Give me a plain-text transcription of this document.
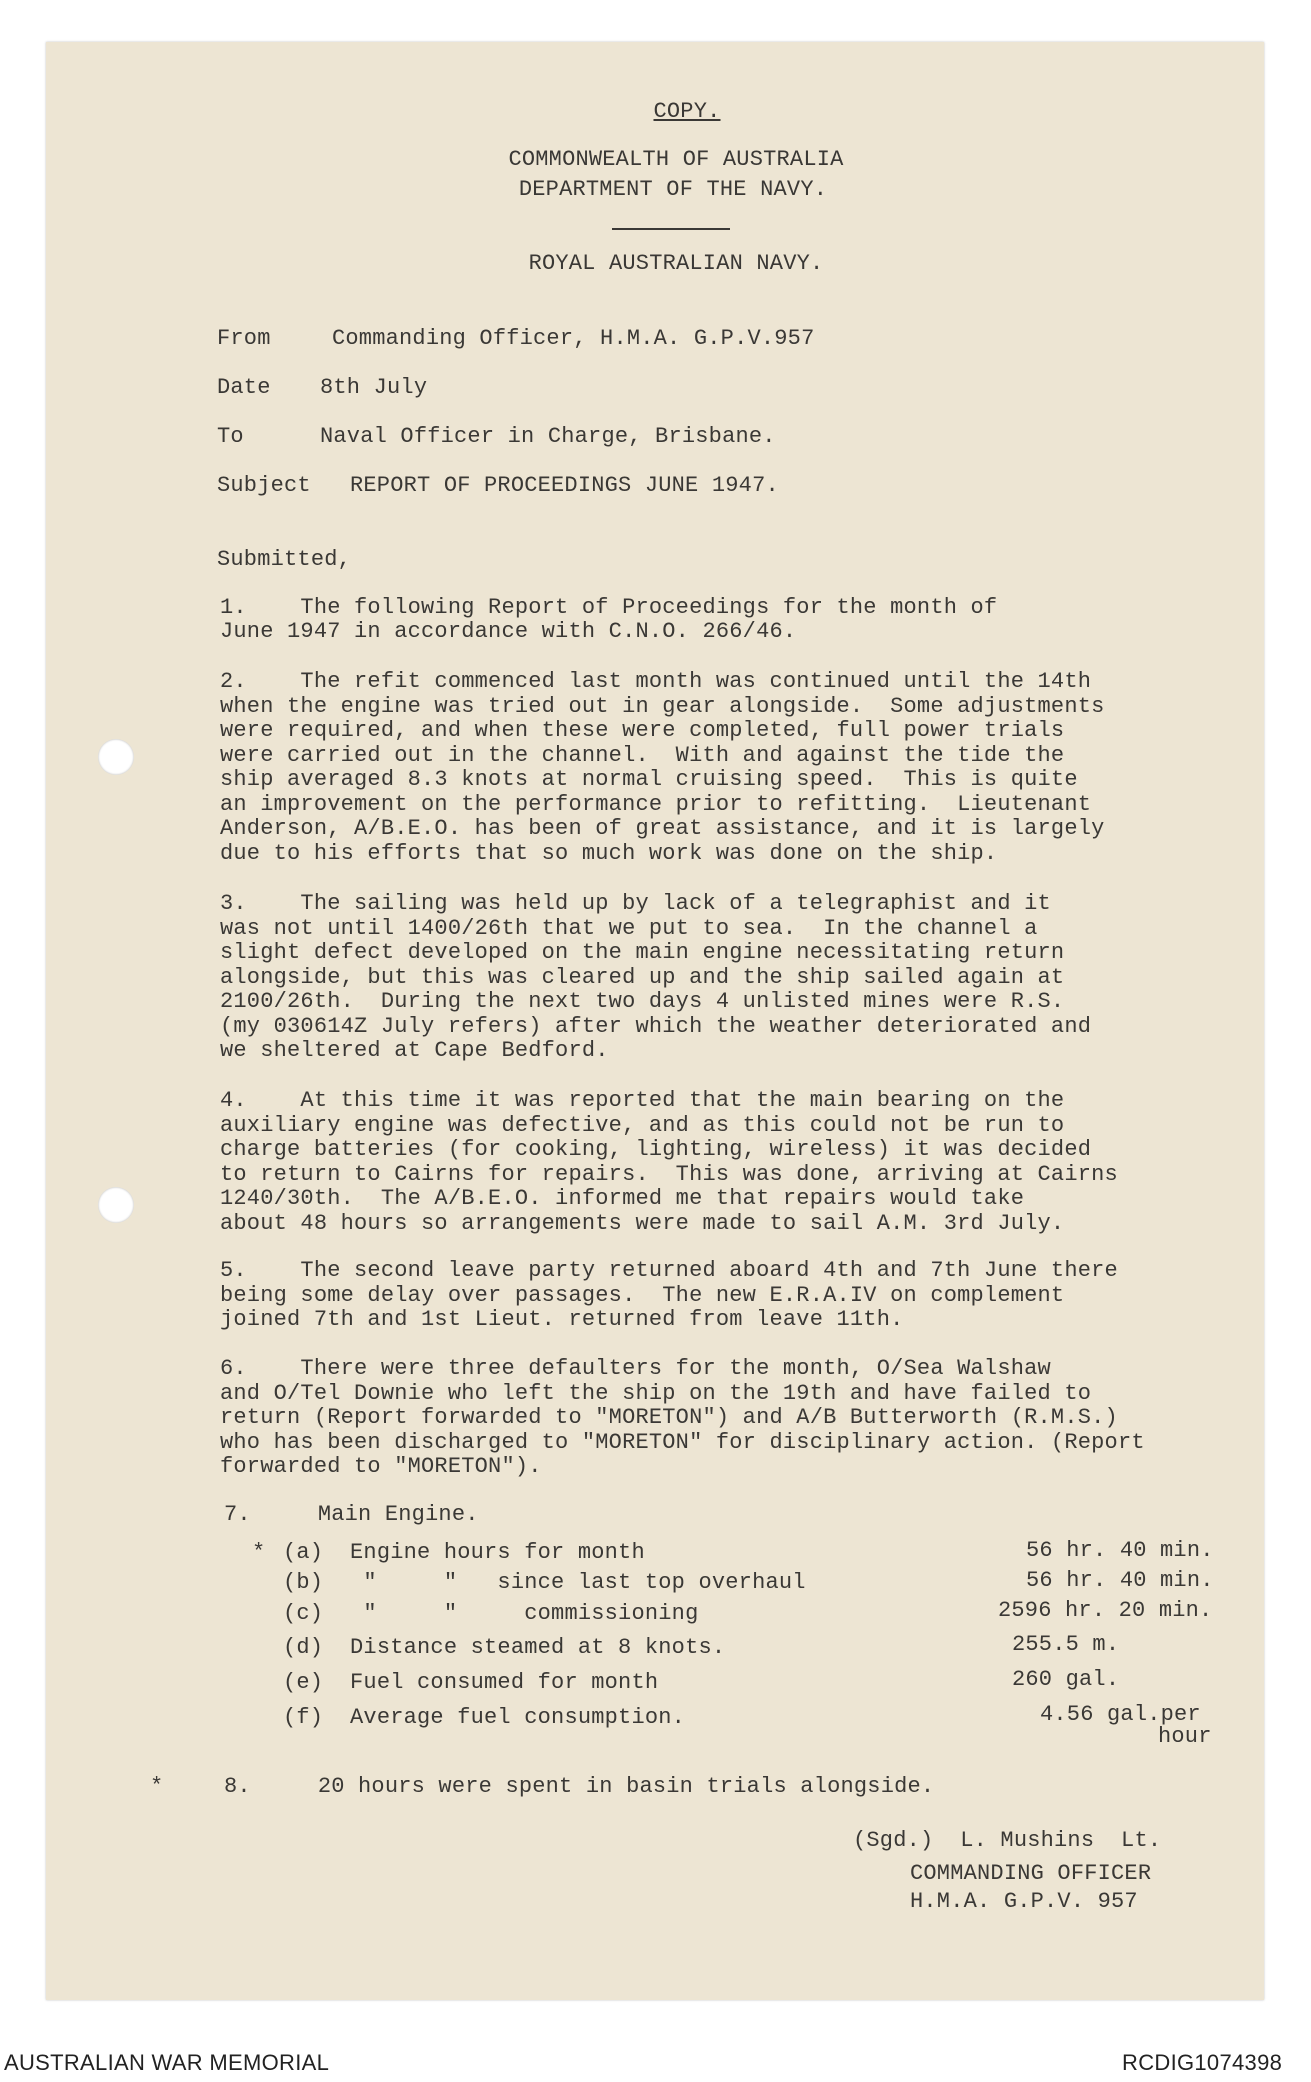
COPY.
COMMONWEALTH OF AUSTRALIA
DEPARTMENT OF THE NAVY.
ROYAL AUSTRALIAN NAVY.
From	Commanding Officer, H.M.A. G.P.V.957
Date 8th July
To	Naval Officer in Charge, Brisbane.
Subject REPORT OF PROCEEDINGS JUNE 1947.
Submitted,
1.    The following Report of Proceedings for the month of
June 1947 in accordance with C.N.O. 266/46.
2.    The refit commenced last month was continued until the 14th
when the engine was tried out in gear alongside.  Some adjustments
were required, and when these were completed, full power trials
were carried out in the channel.  With and against the tide the
ship averaged 8.3 knots at normal cruising speed.  This is quite
an improvement on the performance prior to refitting.  Lieutenant
Anderson, A/B.E.O. has been of great assistance, and it is largely
due to his efforts that so much work was done on the ship.
3.    The sailing was held up by lack of a telegraphist and it
was not until 1400/26th that we put to sea.  In the channel a
slight defect developed on the main engine necessitating return
alongside, but this was cleared up and the ship sailed again at
2100/26th.  During the next two days 4 unlisted mines were R.S.
(my 030614Z July refers) after which the weather deteriorated and
we sheltered at Cape Bedford.
4.    At this time it was reported that the main bearing on the
auxiliary engine was defective, and as this could not be run to
charge batteries (for cooking, lighting, wireless) it was decided
to return to Cairns for repairs.  This was done, arriving at Cairns
1240/30th.  The A/B.E.O. informed me that repairs would take
about 48 hours so arrangements were made to sail A.M. 3rd July.
5.    The second leave party returned aboard 4th and 7th June there
being some delay over passages.  The new E.R.A.IV on complement
joined 7th and 1st Lieut. returned from leave 11th.
6.    There were three defaulters for the month, O/Sea Walshaw
and O/Tel Downie who left the ship on the 19th and have failed to
return (Report forwarded to "MORETON") and A/B Butterworth (R.M.S.)
who has been discharged to "MORETON" for disciplinary action. (Report
forwarded to "MORETON").
7.     Main Engine.
* (a)  Engine hours for month	56 hr. 40 min.
(b)   "     "   since last top overhaul	56 hr. 40 min.
(c)   "     "     commissioning	2596 hr. 20 min.
(d)  Distance steamed at 8 knots.	255.5 m.
(e)  Fuel consumed for month	260 gal.
(f)  Average fuel consumption.	4.56 gal.per
hour
*	8.     20 hours were spent in basin trials alongside.
(Sgd.)  L. Mushins  Lt.
COMMANDING OFFICER
H.M.A. G.P.V. 957
AUSTRALIAN WAR MEMORIAL	RCDIG1074398
